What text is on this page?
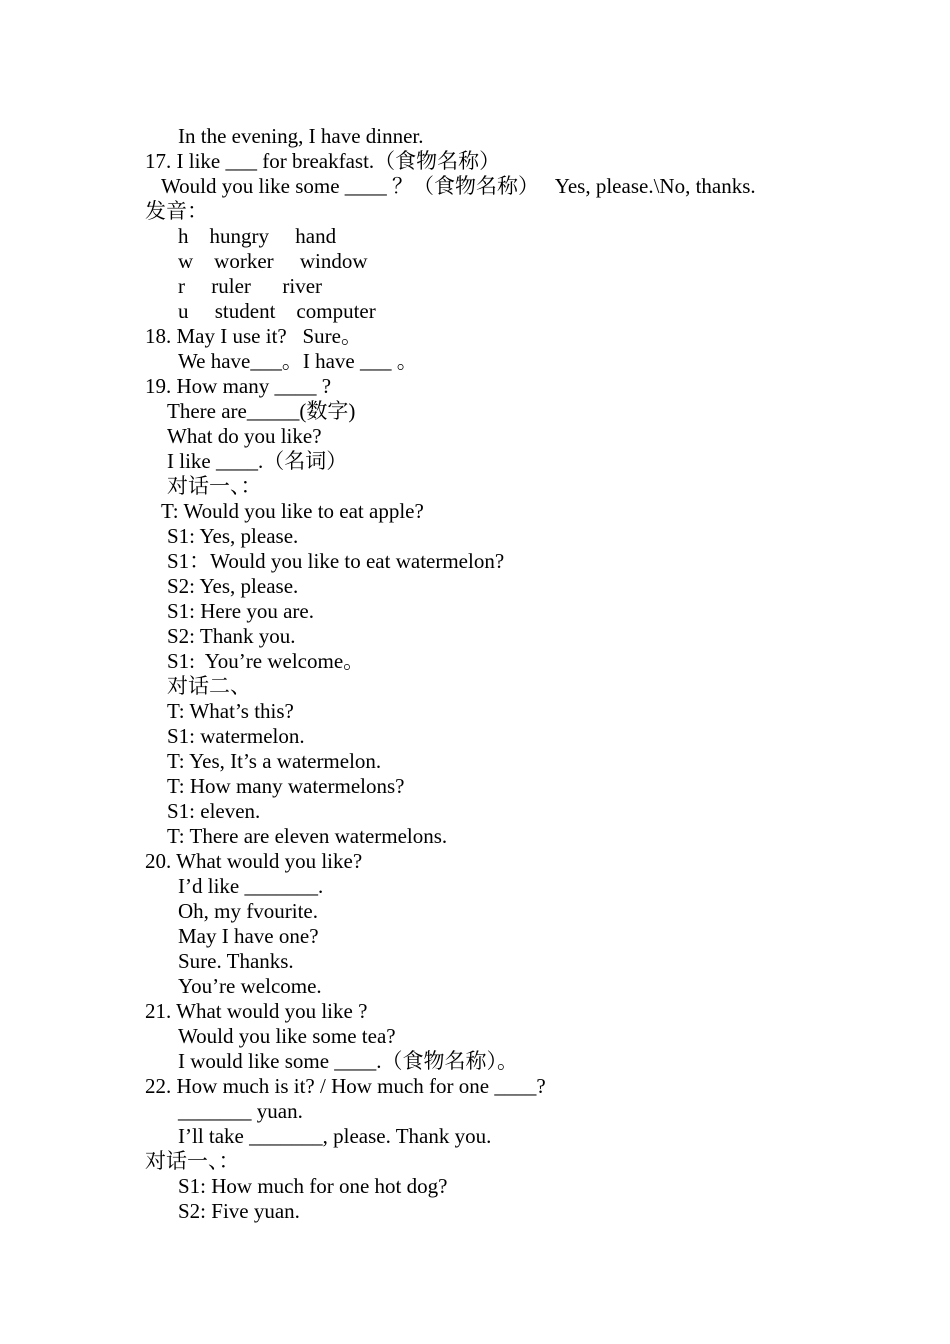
In the evening, I have dinner.
17. I like ___ for breakfast.（食物名称）
Would you like some ____ ？（食物名称）   Yes, please.\No, thanks.
发音：
h    hungry     hand
w    worker     window
r     ruler      river
u     student    computer
18. May I use it?   Sure。
We have___。I have ___ 。
19. How many ____ ?
There are_____(数字)
What do you like?
I like ____.（名词）
对话一、：
T: Would you like to eat apple?
S1: Yes, please.
S1：Would you like to eat watermelon?
S2: Yes, please.
S1: Here you are.
S2: Thank you.
S1:  You’re welcome。
对话二、
T: What’s this?
S1: watermelon.
T: Yes, It’s a watermelon.
T: How many watermelons?
S1: eleven.
T: There are eleven watermelons.
20. What would you like?
I’d like _______.
Oh, my fvourite.
May I have one?
Sure. Thanks.
You’re welcome.
21. What would you like ?
Would you like some tea?
I would like some ____.（食物名称）。
22. How much is it? / How much for one ____?
_______ yuan.
I’ll take _______, please. Thank you.
对话一、：
S1: How much for one hot dog?
S2: Five yuan.
